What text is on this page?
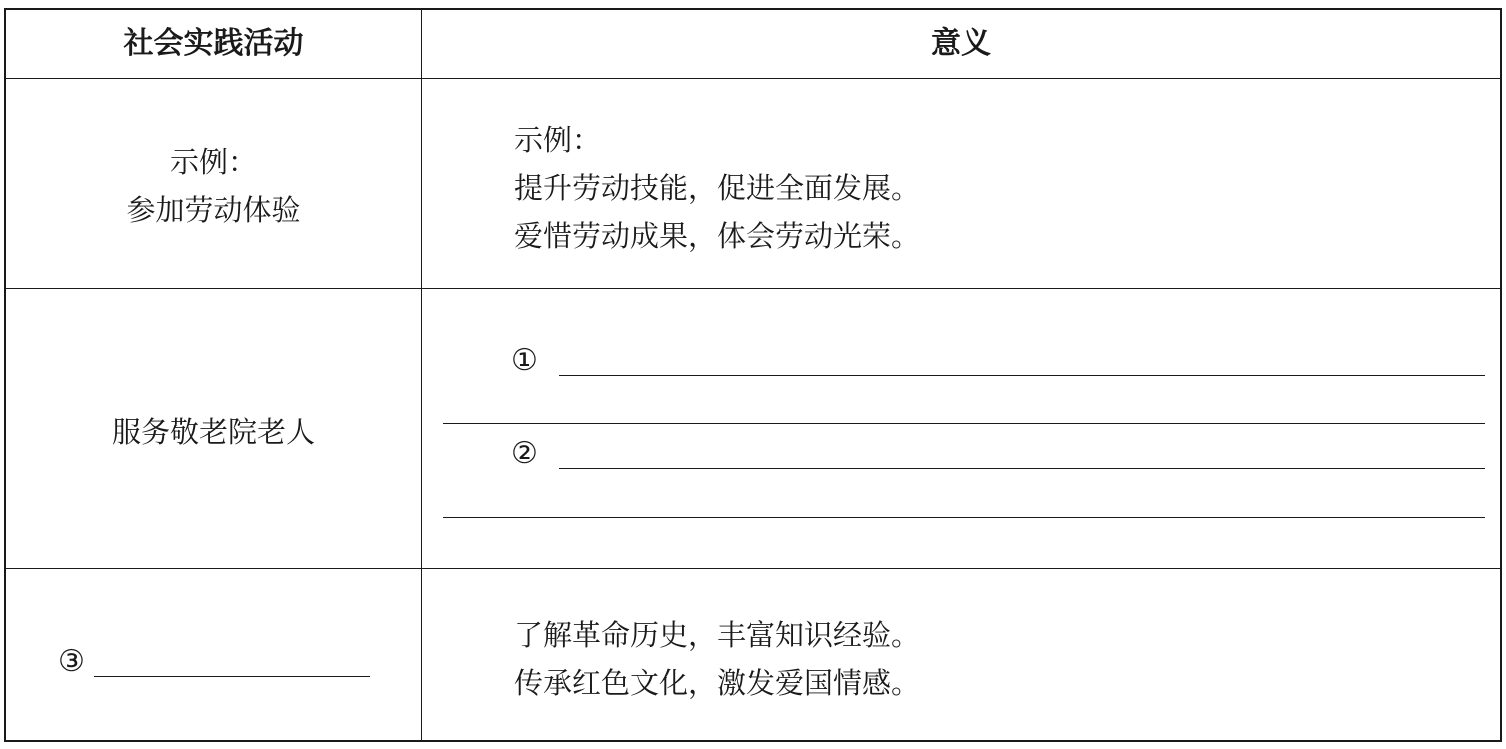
社会实践活动	意义
示例：
参加劳动体验
示例：
提升劳动技能，促进全面发展。
爱惜劳动成果，体会劳动光荣。
服务敬老院老人
①
②
③
了解革命历史，丰富知识经验。
传承红色文化，激发爱国情感。
